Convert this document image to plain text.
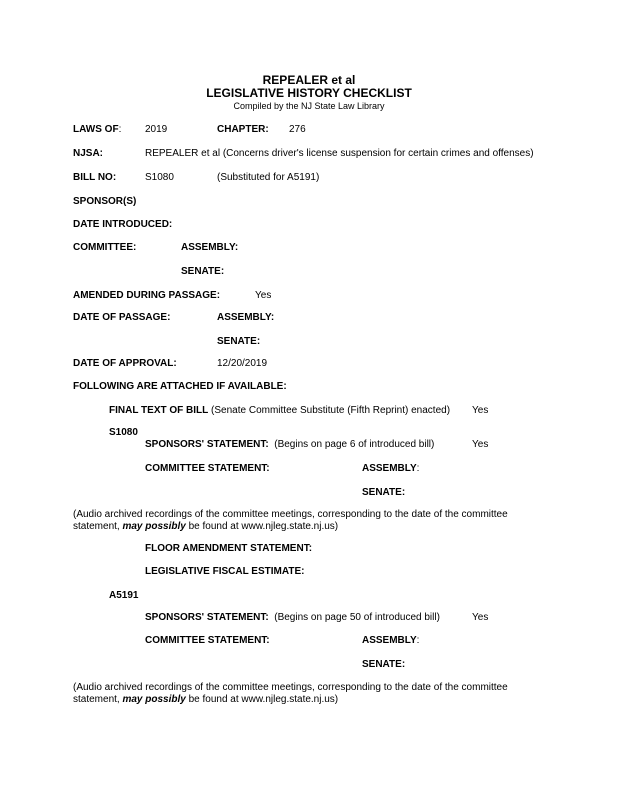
REPEALER et al
LEGISLATIVE HISTORY CHECKLIST
Compiled by the NJ State Law Library
LAWS OF: 2019	CHAPTER: 276
NJSA:	REPEALER et al (Concerns driver's license suspension for certain crimes and offenses)
BILL NO:	S1080	(Substituted for A5191)
SPONSOR(S)
DATE INTRODUCED:
COMMITTEE:	ASSEMBLY:
SENATE:
AMENDED DURING PASSAGE:	Yes
DATE OF PASSAGE:	ASSEMBLY:
SENATE:
DATE OF APPROVAL:	12/20/2019
FOLLOWING ARE ATTACHED IF AVAILABLE:
FINAL TEXT OF BILL (Senate Committee Substitute (Fifth Reprint) enacted) Yes
S1080
SPONSORS' STATEMENT: (Begins on page 6 of introduced bill)	Yes
COMMITTEE STATEMENT:	ASSEMBLY:
SENATE:
(Audio archived recordings of the committee meetings, corresponding to the date of the committee statement, may possibly be found at www.njleg.state.nj.us)
FLOOR AMENDMENT STATEMENT:
LEGISLATIVE FISCAL ESTIMATE:
A5191
SPONSORS' STATEMENT: (Begins on page 50 of introduced bill)	Yes
COMMITTEE STATEMENT:	ASSEMBLY:
SENATE:
(Audio archived recordings of the committee meetings, corresponding to the date of the committee statement, may possibly be found at www.njleg.state.nj.us)
